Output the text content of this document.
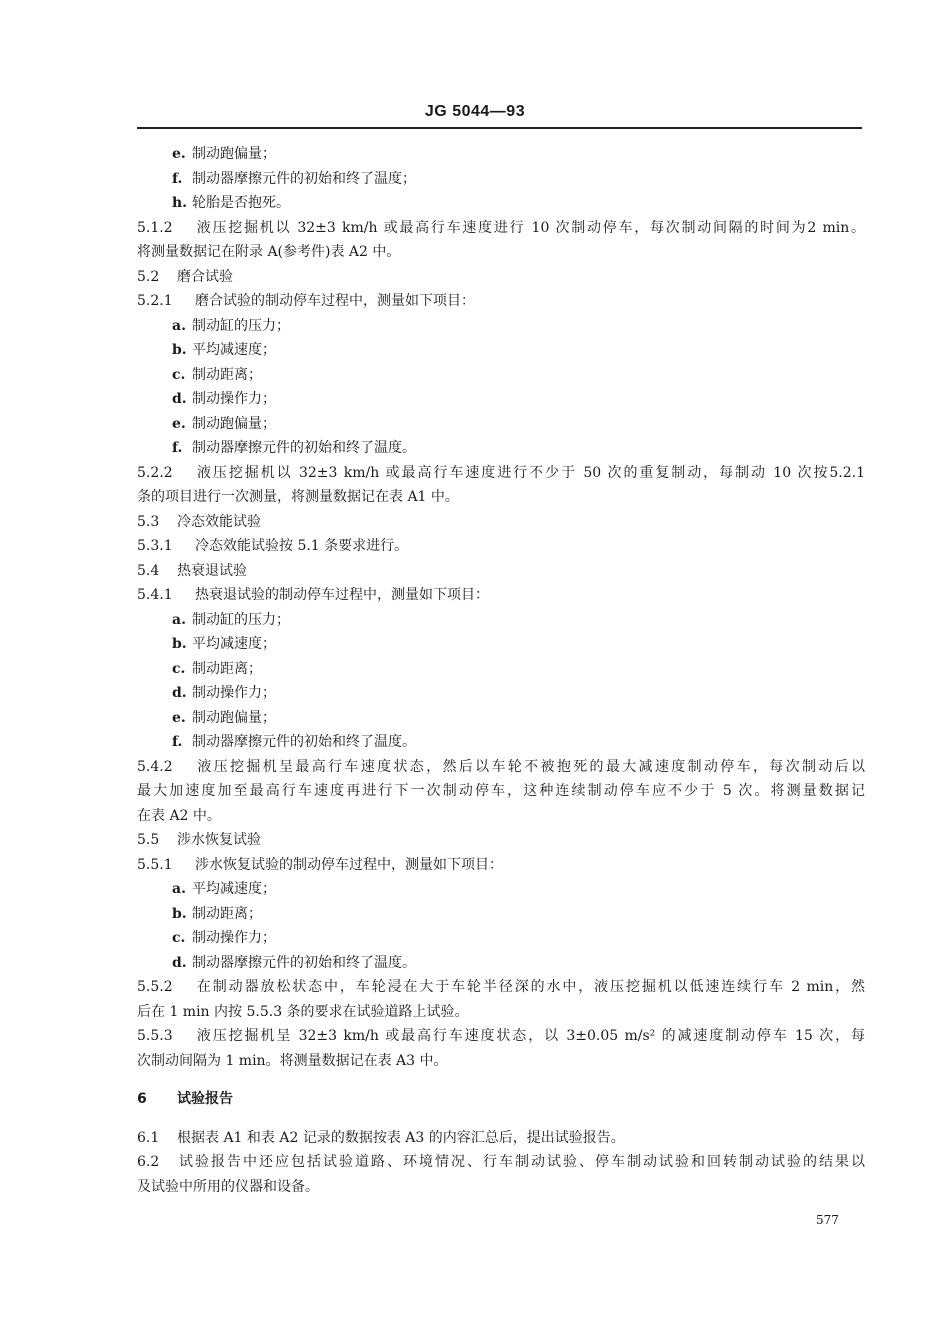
JG 5044—93
e. 制动跑偏量；
f. 制动器摩擦元件的初始和终了温度；
h. 轮胎是否抱死。
5.1.2 液压挖掘机以 32±3 km/h 或最高行车速度进行 10 次制动停车，每次制动间隔的时间为2 min。
将测量数据记在附录 A(参考件)表 A2 中。
5.2 磨合试验
5.2.1 磨合试验的制动停车过程中，测量如下项目：
a. 制动缸的压力；
b. 平均减速度；
c. 制动距离；
d. 制动操作力；
e. 制动跑偏量；
f. 制动器摩擦元件的初始和终了温度。
5.2.2 液压挖掘机以 32±3 km/h 或最高行车速度进行不少于 50 次的重复制动，每制动 10 次按5.2.1
条的项目进行一次测量，将测量数据记在表 A1 中。
5.3 冷态效能试验
5.3.1 冷态效能试验按 5.1 条要求进行。
5.4 热衰退试验
5.4.1 热衰退试验的制动停车过程中，测量如下项目：
a. 制动缸的压力；
b. 平均减速度；
c. 制动距离；
d. 制动操作力；
e. 制动跑偏量；
f. 制动器摩擦元件的初始和终了温度。
5.4.2 液压挖掘机呈最高行车速度状态，然后以车轮不被抱死的最大减速度制动停车，每次制动后以
最大加速度加至最高行车速度再进行下一次制动停车，这种连续制动停车应不少于 5 次。将测量数据记
在表 A2 中。
5.5 涉水恢复试验
5.5.1 涉水恢复试验的制动停车过程中，测量如下项目：
a. 平均减速度；
b. 制动距离；
c. 制动操作力；
d. 制动器摩擦元件的初始和终了温度。
5.5.2 在制动器放松状态中，车轮浸在大于车轮半径深的水中，液压挖掘机以低速连续行车 2 min，然
后在 1 min 内按 5.5.3 条的要求在试验道路上试验。
5.5.3 液压挖掘机呈 32±3 km/h 或最高行车速度状态，以 3±0.05 m/s² 的减速度制动停车 15 次，每
次制动间隔为 1 min。将测量数据记在表 A3 中。
6 试验报告
6.1 根据表 A1 和表 A2 记录的数据按表 A3 的内容汇总后，提出试验报告。
6.2 试验报告中还应包括试验道路、环境情况、行车制动试验、停车制动试验和回转制动试验的结果以
及试验中所用的仪器和设备。
577
